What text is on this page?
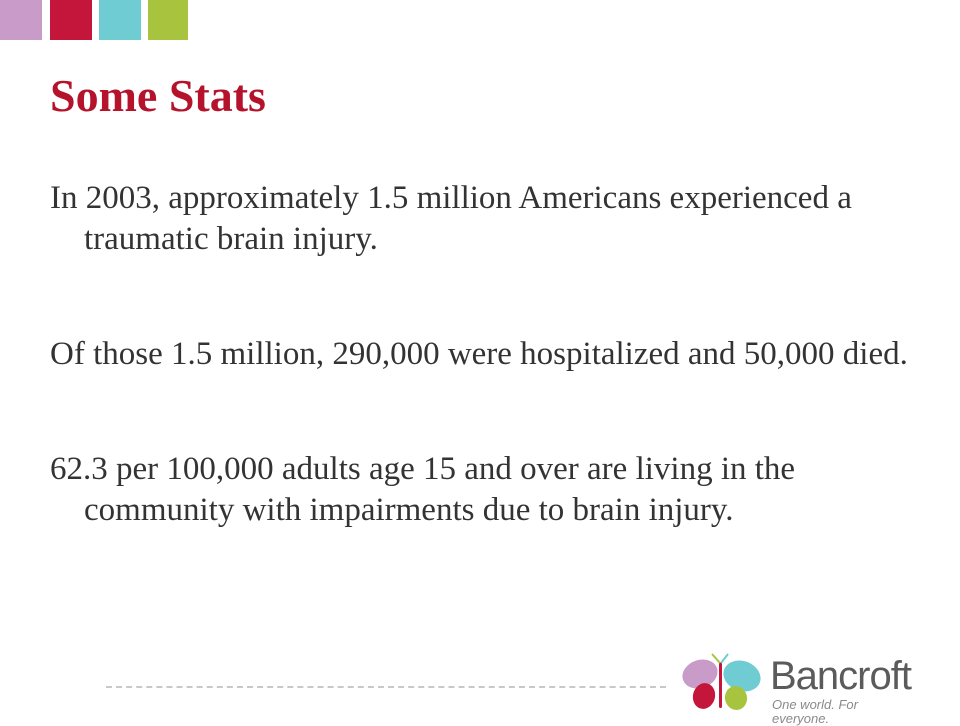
Some Stats

In 2003, approximately 1.5 million Americans experienced a traumatic brain injury.

Of those 1.5 million, 290,000 were hospitalized and 50,000 died.

62.3 per 100,000 adults age 15 and over are living in the community with impairments due to brain injury.

Bancroft
One world. For everyone.
